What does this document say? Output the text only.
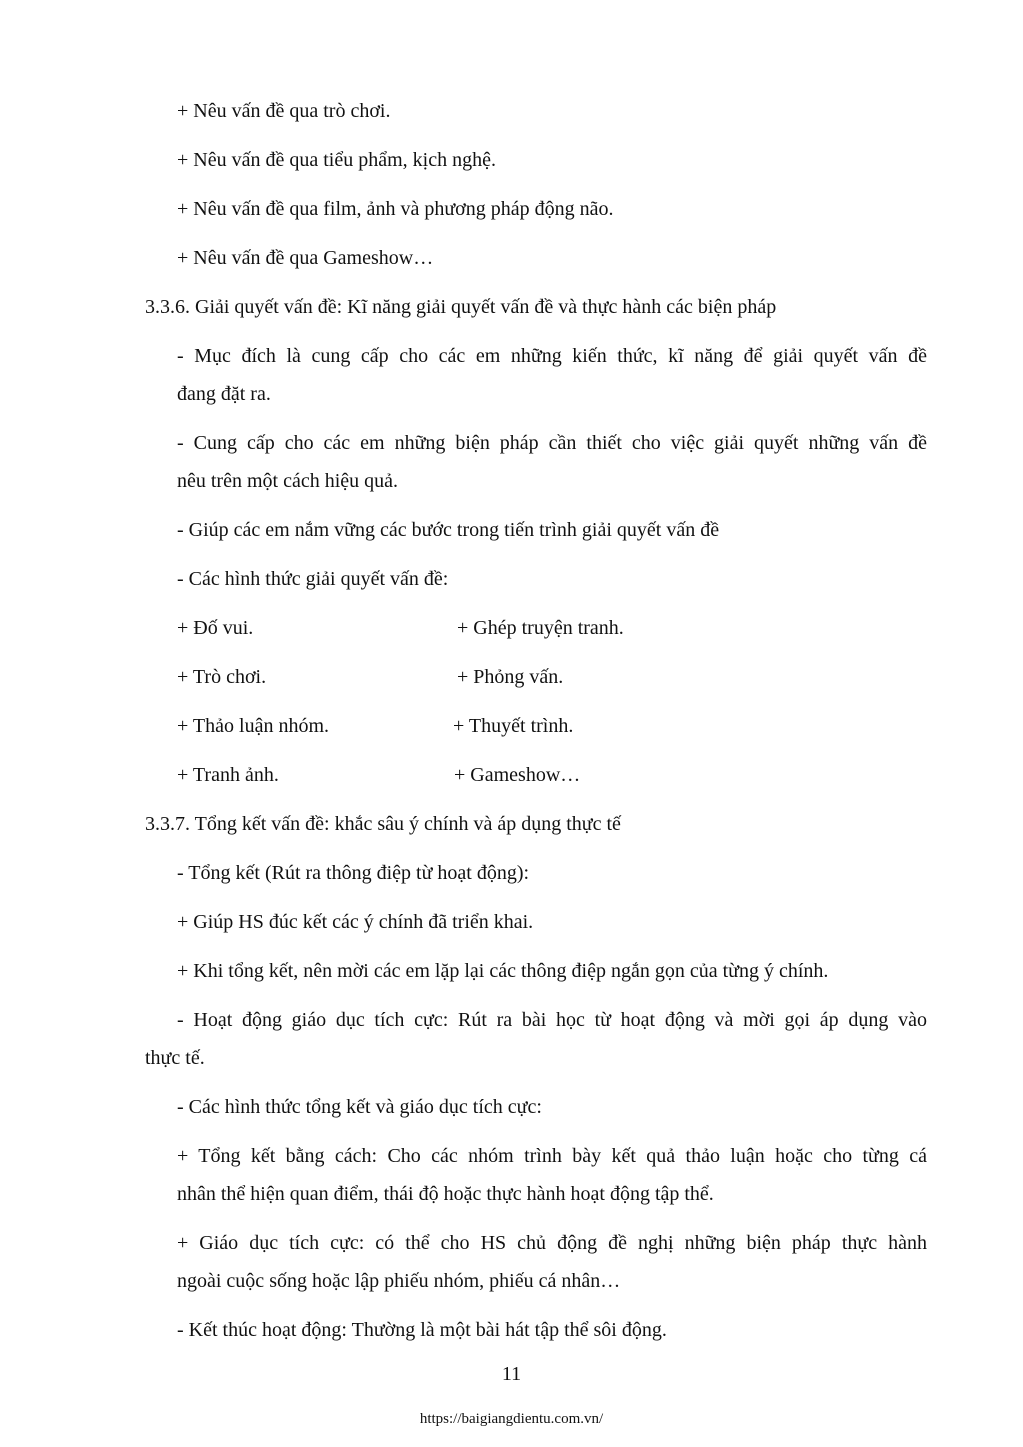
+ Nêu vấn đề qua trò chơi.
+ Nêu vấn đề qua tiểu phẩm, kịch nghệ.
+ Nêu vấn đề qua film, ảnh và phương pháp động não.
+ Nêu vấn đề qua Gameshow…
3.3.6. Giải quyết vấn đề: Kĩ năng giải quyết vấn đề và thực hành các biện pháp
- Mục đích là cung cấp cho các em những kiến thức, kĩ năng để giải quyết vấn đề
đang đặt ra.
- Cung cấp cho các em những biện pháp cần thiết cho việc giải quyết những vấn đề
nêu trên một cách hiệu quả.
- Giúp các em nắm vững các bước trong tiến trình giải quyết vấn đề
- Các hình thức giải quyết vấn đề:
+ Đố vui.	+ Ghép truyện tranh.
+ Trò chơi.	+ Phỏng vấn.
+ Thảo luận nhóm.	+ Thuyết trình.
+ Tranh ảnh.	+ Gameshow…
3.3.7. Tổng kết vấn đề: khắc sâu ý chính và áp dụng thực tế
- Tổng kết (Rút ra thông điệp từ hoạt động):
+ Giúp HS đúc kết các ý chính đã triển khai.
+ Khi tổng kết, nên mời các em lặp lại các thông điệp ngắn gọn của từng ý chính.
- Hoạt động giáo dục tích cực: Rút ra bài học từ hoạt động và mời gọi áp dụng vào
thực tế.
- Các hình thức tổng kết và giáo dục tích cực:
+ Tổng kết bằng cách: Cho các nhóm trình bày kết quả thảo luận hoặc cho từng cá
nhân thể hiện quan điểm, thái độ hoặc thực hành hoạt động tập thể.
+ Giáo dục tích cực: có thể cho HS chủ động đề nghị những biện pháp thực hành
ngoài cuộc sống hoặc lập phiếu nhóm, phiếu cá nhân…
- Kết thúc hoạt động: Thường là một bài hát tập thể sôi động.
11
https://baigiangdientu.com.vn/
